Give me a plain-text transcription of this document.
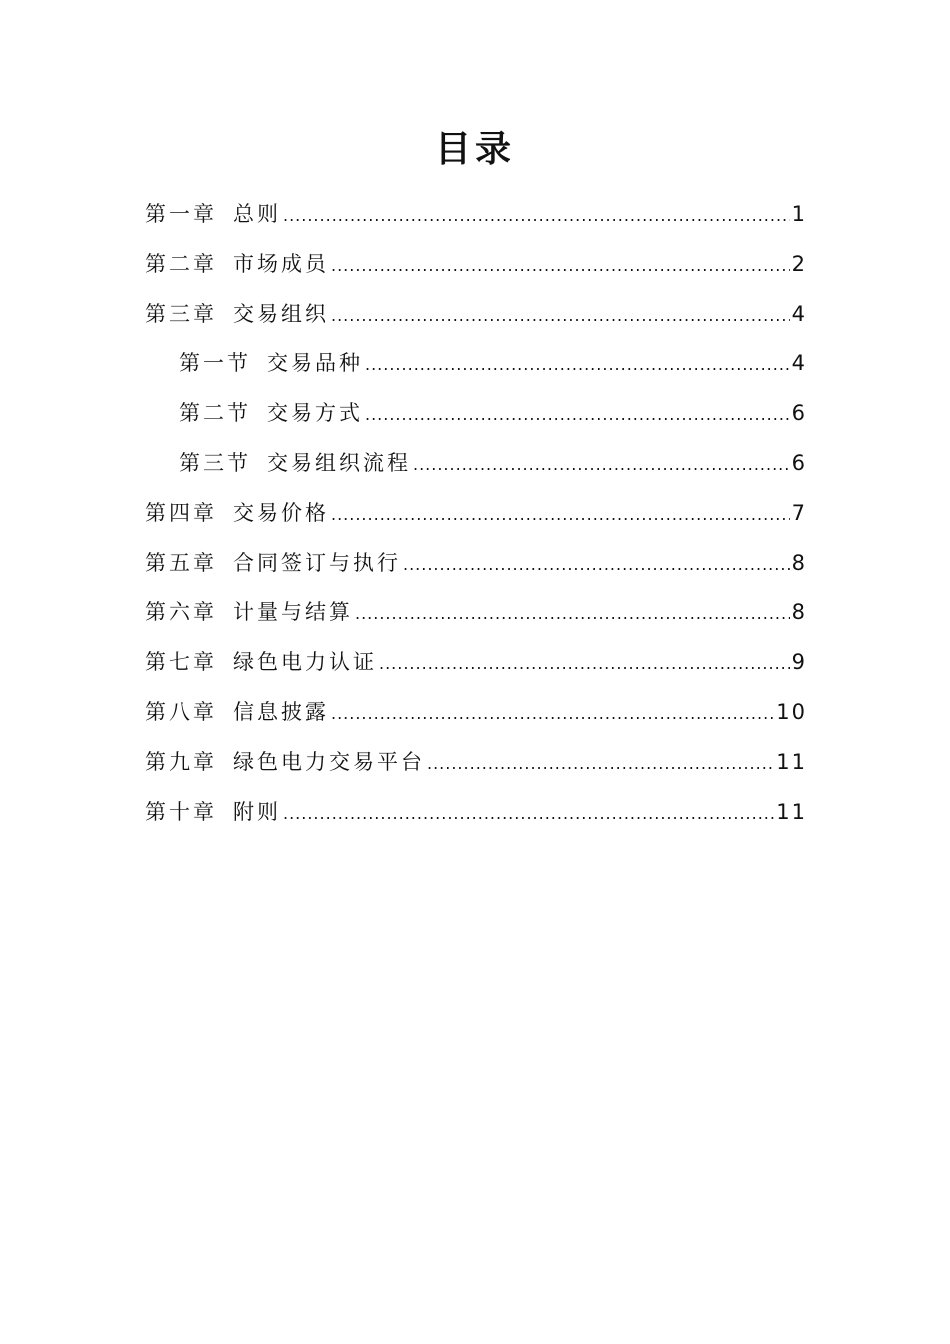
目录
第一章 总则 .....	1
第二章 市场成员 .....	2
第三章 交易组织 .....	4
第一节 交易品种 .....	4
第二节 交易方式 .....	6
第三节 交易组织流程 .....	6
第四章 交易价格 .....	7
第五章 合同签订与执行 .....	8
第六章 计量与结算 .....	8
第七章 绿色电力认证 .....	9
第八章 信息披露 .....	10
第九章 绿色电力交易平台 .....	11
第十章 附则 .....	11
